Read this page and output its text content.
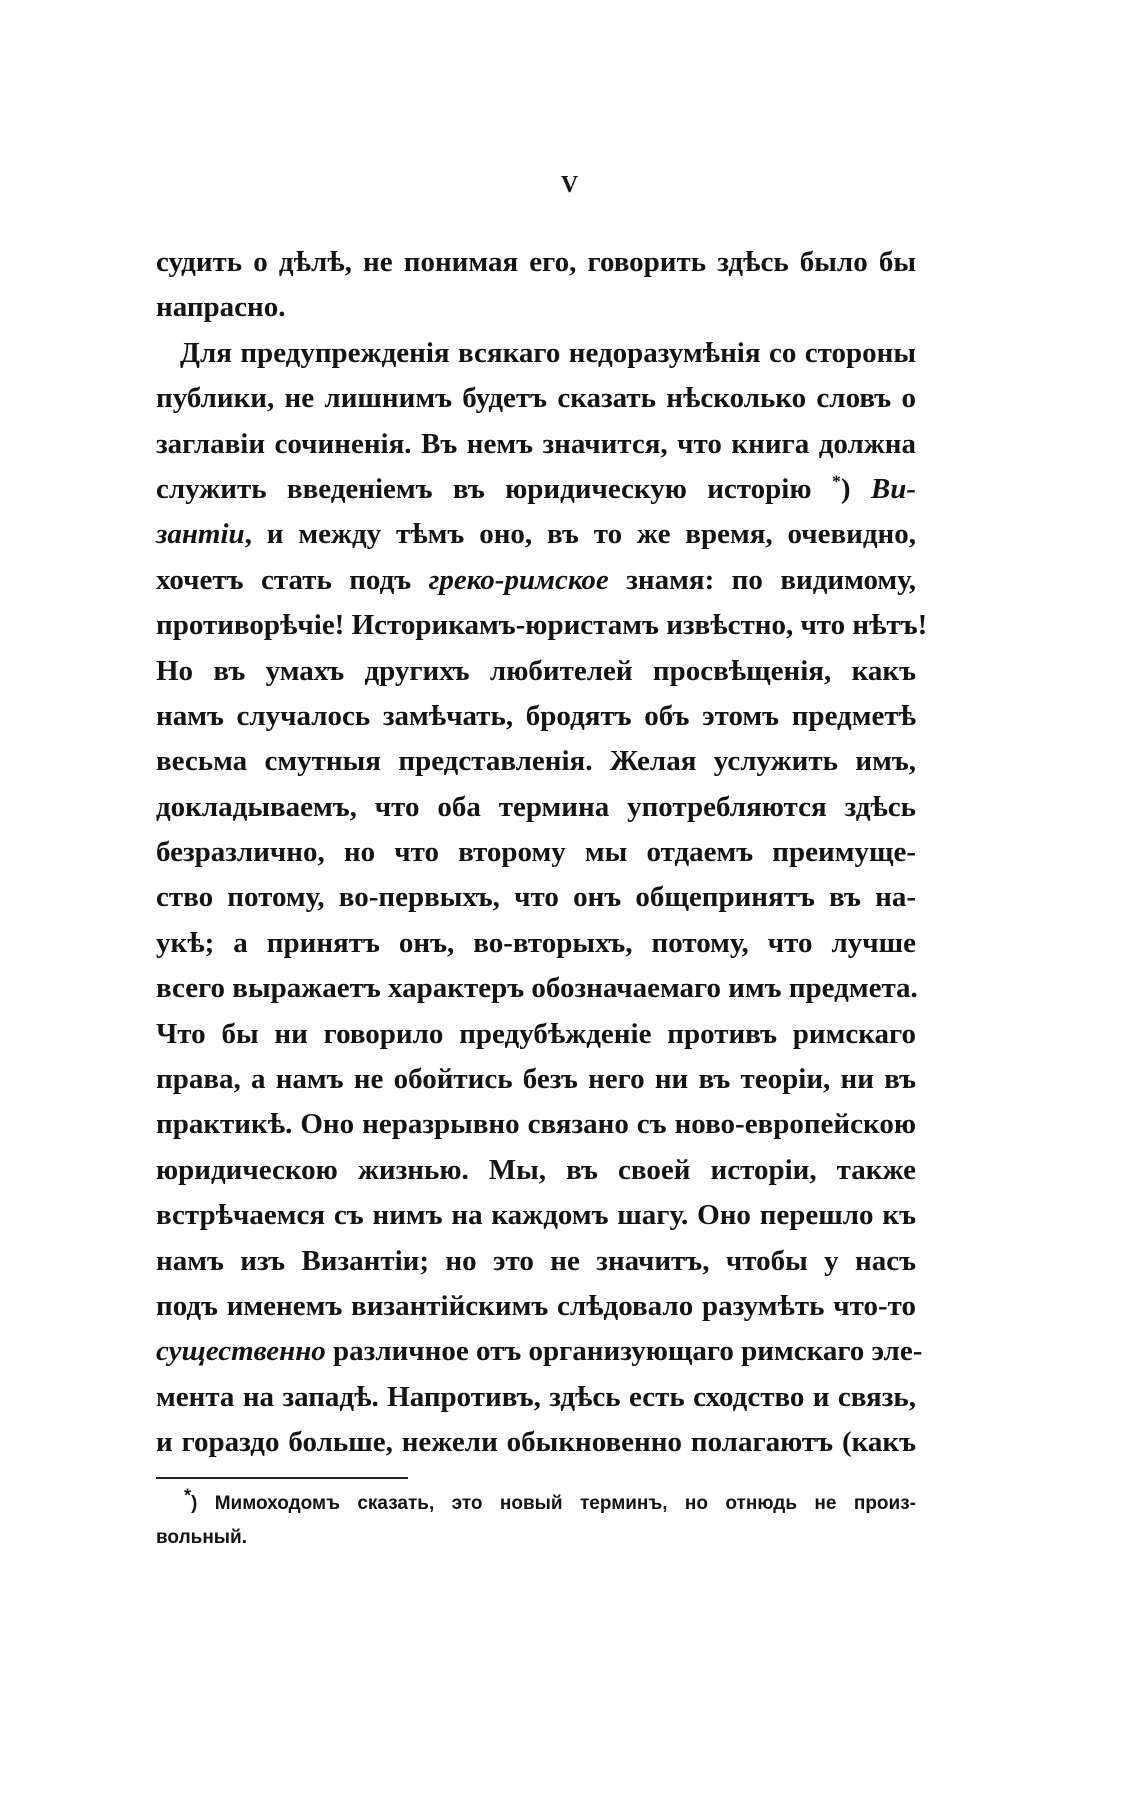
V
судить о дѣлѣ, не понимая его, говорить здѣсь было бы
напрасно.
Для предупрежденія всякаго недоразумѣнія со стороны
публики, не лишнимъ будетъ сказать нѣсколько словъ о
заглавіи сочиненія. Въ немъ значится, что книга должна
служить введеніемъ въ юридическую исторію *) Ви-
зантіи, и между тѣмъ оно, въ то же время, очевидно,
хочетъ стать подъ греко-римское знамя: по видимому,
противорѣчіе! Историкамъ-юристамъ извѣстно, что нѣтъ!
Но въ умахъ другихъ любителей просвѣщенія, какъ
намъ случалось замѣчать, бродятъ объ этомъ предметѣ
весьма смутныя представленія. Желая услужить имъ,
докладываемъ, что оба термина употребляются здѣсь
безразлично, но что второму мы отдаемъ преимуще-
ство потому, во-первыхъ, что онъ общепринятъ въ на-
укѣ; а принятъ онъ, во-вторыхъ, потому, что лучше
всего выражаетъ характеръ обозначаемаго имъ предмета.
Что бы ни говорило предубѣжденіе противъ римскаго
права, а намъ не обойтись безъ него ни въ теоріи, ни въ
практикѣ. Оно неразрывно связано съ ново-европейскою
юридическою жизнью. Мы, въ своей исторіи, также
встрѣчаемся съ нимъ на каждомъ шагу. Оно перешло къ
намъ изъ Византіи; но это не значитъ, чтобы у насъ
подъ именемъ византійскимъ слѣдовало разумѣть что-то
существенно различное отъ организующаго римскаго эле-
мента на западѣ. Напротивъ, здѣсь есть сходство и связь,
и гораздо больше, нежели обыкновенно полагаютъ (какъ
*) Мимоходомъ сказать, это новый терминъ, но отнюдь не произ-
вольный.
